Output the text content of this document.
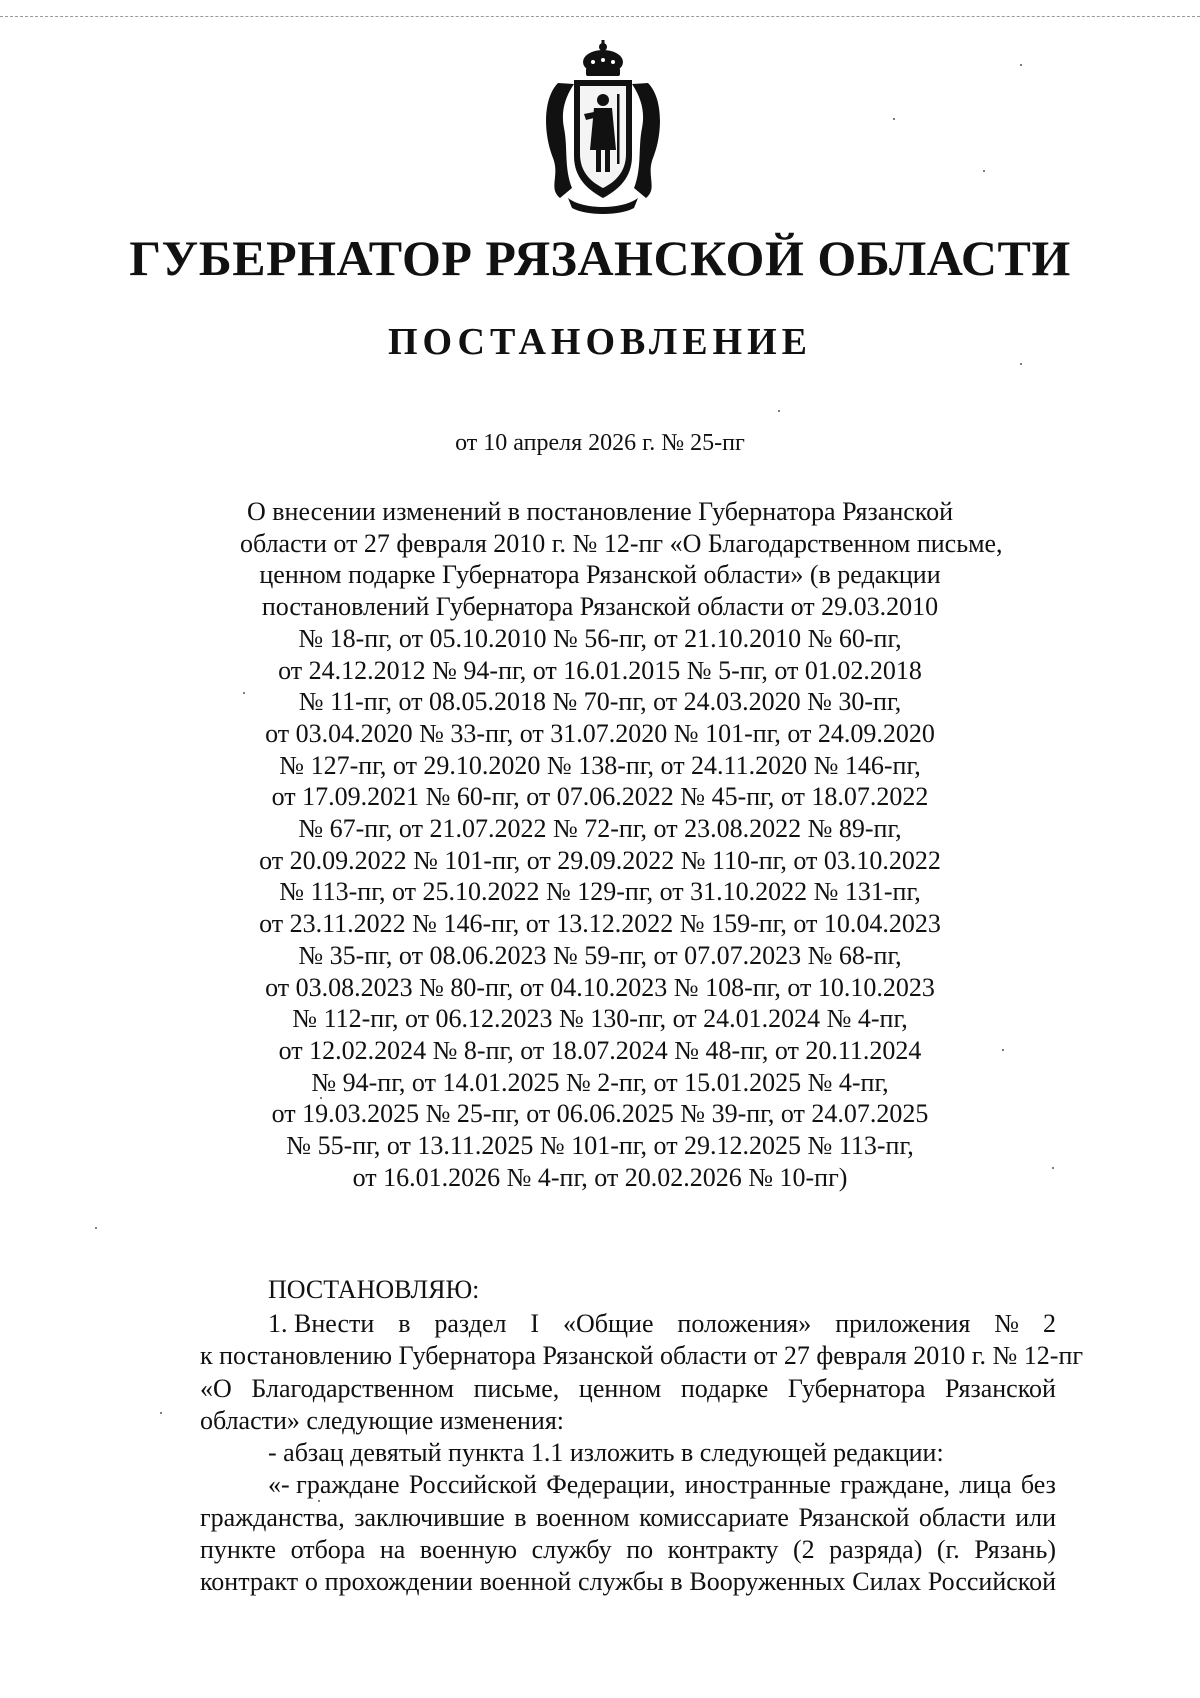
ГУБЕРНАТОР РЯЗАНСКОЙ ОБЛАСТИ
ПОСТАНОВЛЕНИЕ
от 10 апреля 2026 г. № 25-пг
О внесении изменений в постановление Губернатора Рязанской
области от 27 февраля 2010 г. № 12-пг «О Благодарственном письме,
ценном подарке Губернатора Рязанской области» (в редакции
постановлений Губернатора Рязанской области от 29.03.2010
№ 18-пг, от 05.10.2010 № 56-пг, от 21.10.2010 № 60-пг,
от 24.12.2012 № 94-пг, от 16.01.2015 № 5-пг, от 01.02.2018
№ 11-пг, от 08.05.2018 № 70-пг, от 24.03.2020 № 30-пг,
от 03.04.2020 № 33-пг, от 31.07.2020 № 101-пг, от 24.09.2020
№ 127-пг, от 29.10.2020 № 138-пг, от 24.11.2020 № 146-пг,
от 17.09.2021 № 60-пг, от 07.06.2022 № 45-пг, от 18.07.2022
№ 67-пг, от 21.07.2022 № 72-пг, от 23.08.2022 № 89-пг,
от 20.09.2022 № 101-пг, от 29.09.2022 № 110-пг, от 03.10.2022
№ 113-пг, от 25.10.2022 № 129-пг, от 31.10.2022 № 131-пг,
от 23.11.2022 № 146-пг, от 13.12.2022 № 159-пг, от 10.04.2023
№ 35-пг, от 08.06.2023 № 59-пг, от 07.07.2023 № 68-пг,
от 03.08.2023 № 80-пг, от 04.10.2023 № 108-пг, от 10.10.2023
№ 112-пг, от 06.12.2023 № 130-пг, от 24.01.2024 № 4-пг,
от 12.02.2024 № 8-пг, от 18.07.2024 № 48-пг, от 20.11.2024
№ 94-пг, от 14.01.2025 № 2-пг, от 15.01.2025 № 4-пг,
от 19.03.2025 № 25-пг, от 06.06.2025 № 39-пг, от 24.07.2025
№ 55-пг, от 13.11.2025 № 101-пг, от 29.12.2025 № 113-пг,
от 16.01.2026 № 4-пг, от 20.02.2026 № 10-пг)
ПОСТАНОВЛЯЮ:
1. Внести в раздел I «Общие положения» приложения № 2
к постановлению Губернатора Рязанской области от 27 февраля 2010 г. № 12-пг
«О Благодарственном письме, ценном подарке Губернатора Рязанской
области» следующие изменения:
- абзац девятый пункта 1.1 изложить в следующей редакции:
«- граждане Российской Федерации, иностранные граждане, лица без
гражданства, заключившие в военном комиссариате Рязанской области или
пункте отбора на военную службу по контракту (2 разряда) (г. Рязань)
контракт о прохождении военной службы в Вооруженных Силах Российской
